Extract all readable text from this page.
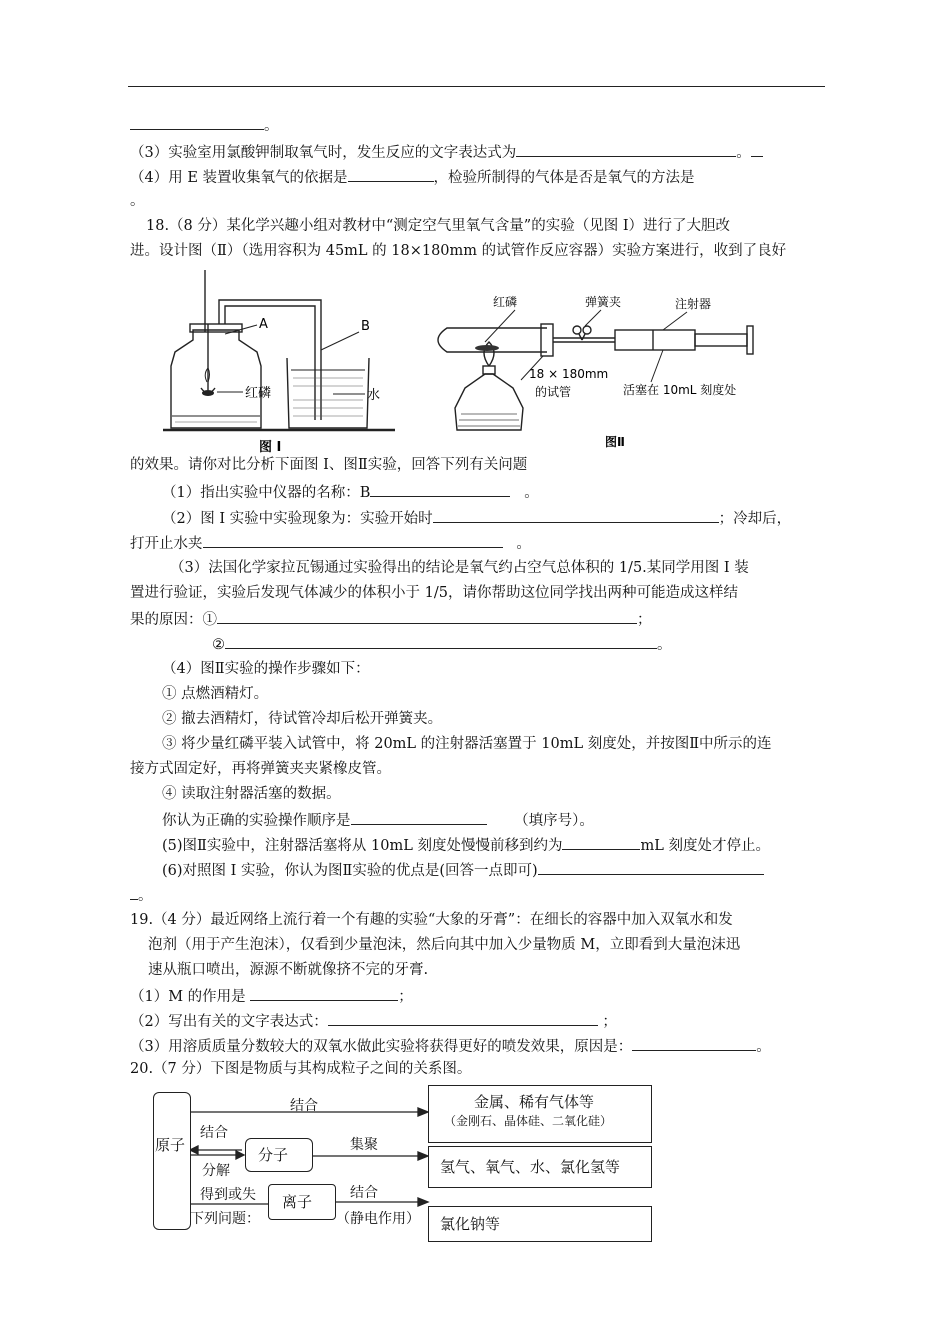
。
（3）实验室用氯酸钾制取氧气时，发生反应的文字表达式为	。
（4）用 E 装置收集氧气的依据是	，检验所制得的气体是否是氧气的方法是
。
18.（8 分）某化学兴趣小组对教材中“测定空气里氧气含量”的实验（见图 I）进行了大胆改
进。设计图（Ⅱ）（选用容积为 45mL 的 18×180mm 的试管作反应容器）实验方案进行，收到了良好
A	B
红磷	水
图 I
红磷	弹簧夹	注射器
18 × 180mm
的试管	活塞在 10mL 刻度处
图Ⅱ
的效果。请你对比分析下面图 I、图Ⅱ实验，回答下列有关问题
（1）指出实验中仪器的名称：B	。
（2）图 I 实验中实验现象为：实验开始时	；冷却后，
打开止水夹	。
（3）法国化学家拉瓦锡通过实验得出的结论是氧气约占空气总体积的 1/5.某同学用图 I 装
置进行验证，实验后发现气体减少的体积小于 1/5，请你帮助这位同学找出两种可能造成这样结
果的原因：①	；
②	。
（4）图Ⅱ实验的操作步骤如下：
① 点燃酒精灯。
② 撤去酒精灯，待试管冷却后松开弹簧夹。
③ 将少量红磷平装入试管中，将 20mL 的注射器活塞置于 10mL 刻度处，并按图Ⅱ中所示的连
接方式固定好，再将弹簧夹夹紧橡皮管。
④ 读取注射器活塞的数据。
你认为正确的实验操作顺序是	（填序号）。
(5)图Ⅱ实验中，注射器活塞将从 10mL 刻度处慢慢前移到约为	mL 刻度处才停止。
(6)对照图 I 实验，你认为图Ⅱ实验的优点是(回答一点即可)
。
19.（4 分）最近网络上流行着一个有趣的实验“大象的牙膏”：在细长的容器中加入双氧水和发
泡剂（用于产生泡沫），仅看到少量泡沫，然后向其中加入少量物质 M，立即看到大量泡沫迅
速从瓶口喷出，源源不断就像挤不完的牙膏.
（1）M 的作用是	；
（2）写出有关的文字表达式：	；
（3）用溶质质量分数较大的双氧水做此实验将获得更好的喷发效果，原因是：	。
20.（7 分）下图是物质与其构成粒子之间的关系图。
原子
结合
结合
分解
分子
集聚
得到或失
下列问题：
离子	结合
（静电作用）
金属、稀有气体等
（金刚石、晶体硅、二氧化硅）
氢气、氧气、水、氯化氢等
氯化钠等
